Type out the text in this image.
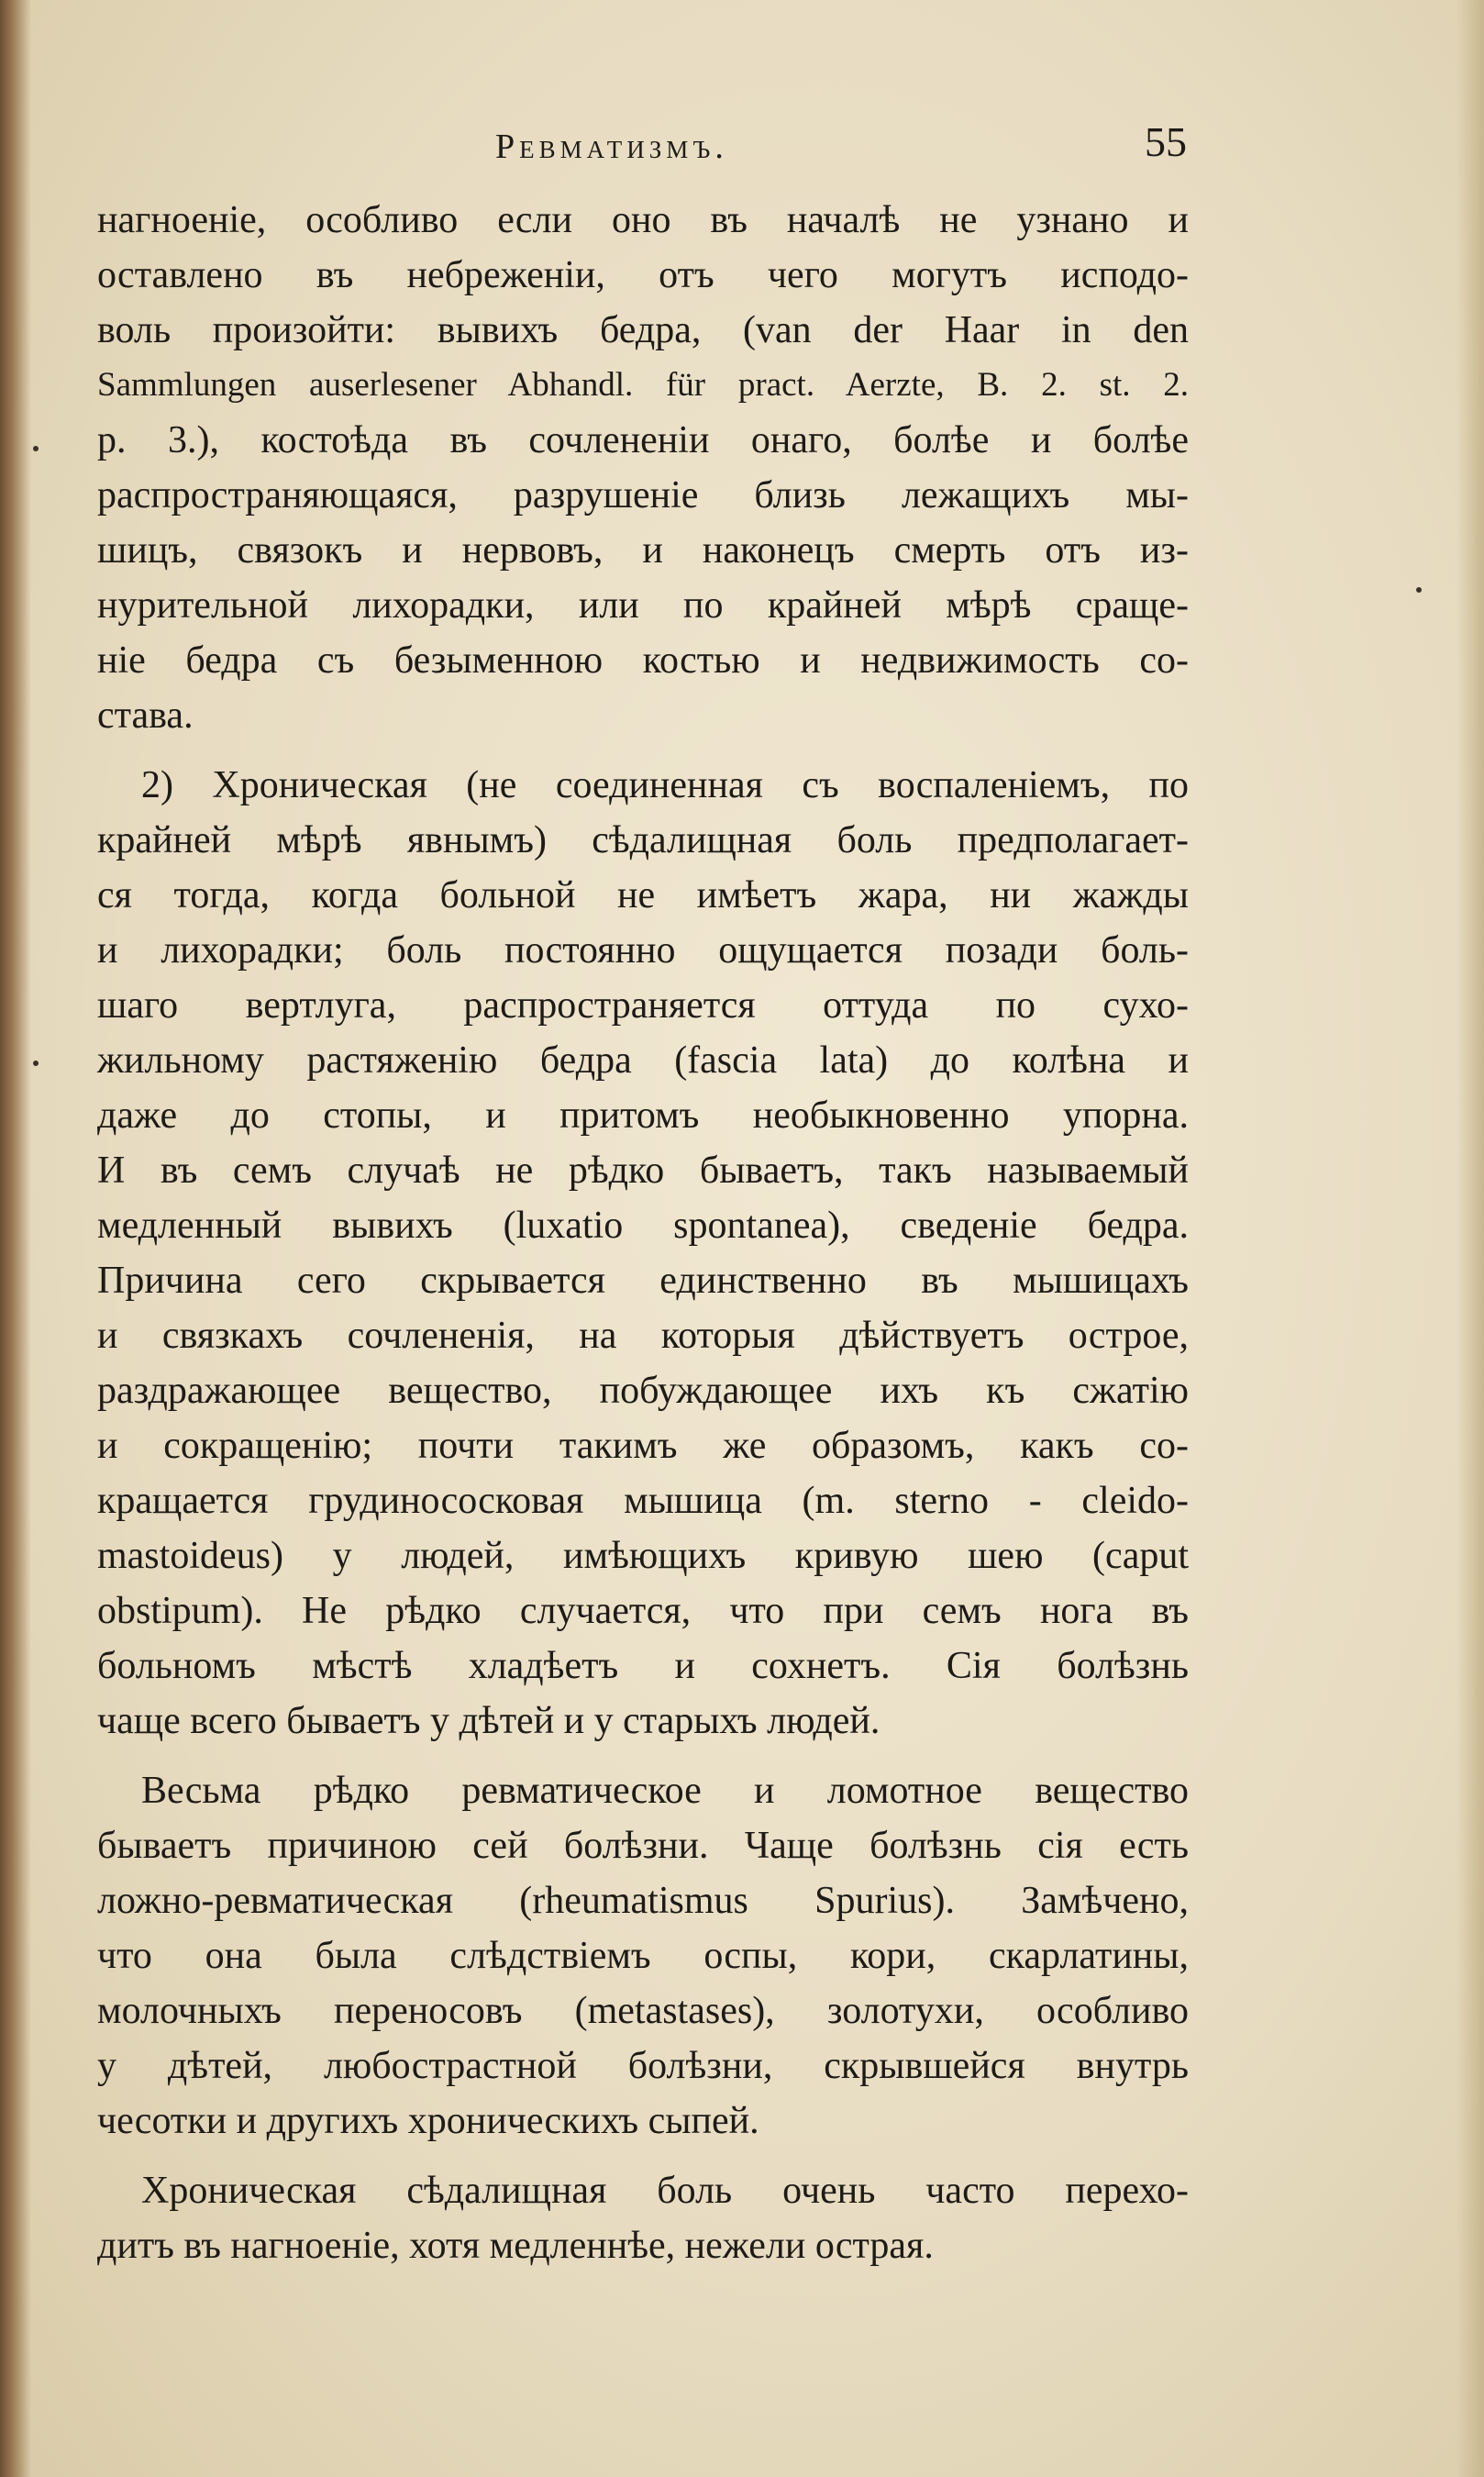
Ревматизмъ.	55
нагноеніе, особливо если оно въ началѣ не узнано и
оставлено въ небреженіи, отъ чего могутъ исподо-
воль произойти: вывихъ бедра, (van der Haar in den
Sammlungen auserlesener Abhandl. für pract. Aerzte, B. 2. st. 2.
p. 3.), костоѣда въ сочлененіи онаго, болѣе и болѣе
распространяющаяся, разрушеніе близь лежащихъ мы-
шицъ, связокъ и нервовъ, и наконецъ смерть отъ из-
нурительной лихорадки, или по крайней мѣрѣ сраще-
ніе бедра съ безыменною костью и недвижимость со-
става.
2) Хроническая (не соединенная съ воспаленіемъ, по
крайней мѣрѣ явнымъ) сѣдалищная боль предполагает-
ся тогда, когда больной не имѣетъ жара, ни жажды
и лихорадки; боль постоянно ощущается позади боль-
шаго вертлуга, распространяется оттуда по сухо-
жильному растяженію бедра (fascia lata) до колѣна и
даже до стопы, и притомъ необыкновенно упорна.
И въ семъ случаѣ не рѣдко бываетъ, такъ называемый
медленный вывихъ (luxatio spontanea), сведеніе бедра.
Причина сего скрывается единственно въ мышицахъ
и связкахъ сочлененія, на которыя дѣйствуетъ острое,
раздражающее вещество, побуждающее ихъ къ сжатію
и сокращенію; почти такимъ же образомъ, какъ со-
кращается грудинососковая мышица (m. sterno - cleido-
mastoideus) у людей, имѣющихъ кривую шею (caput
obstipum). Не рѣдко случается, что при семъ нога въ
больномъ мѣстѣ хладѣетъ и сохнетъ. Сія болѣзнь
чаще всего бываетъ у дѣтей и у старыхъ людей.
Весьма рѣдко ревматическое и ломотное вещество
бываетъ причиною сей болѣзни. Чаще болѣзнь сія есть
ложно-ревматическая (rheumatismus Spurius). Замѣчено,
что она была слѣдствіемъ оспы, кори, скарлатины,
молочныхъ переносовъ (metastases), золотухи, особливо
у дѣтей, любострастной болѣзни, скрывшейся внутрь
чесотки и другихъ хроническихъ сыпей.
Хроническая сѣдалищная боль очень часто перехо-
дитъ въ нагноеніе, хотя медленнѣе, нежели острая.
